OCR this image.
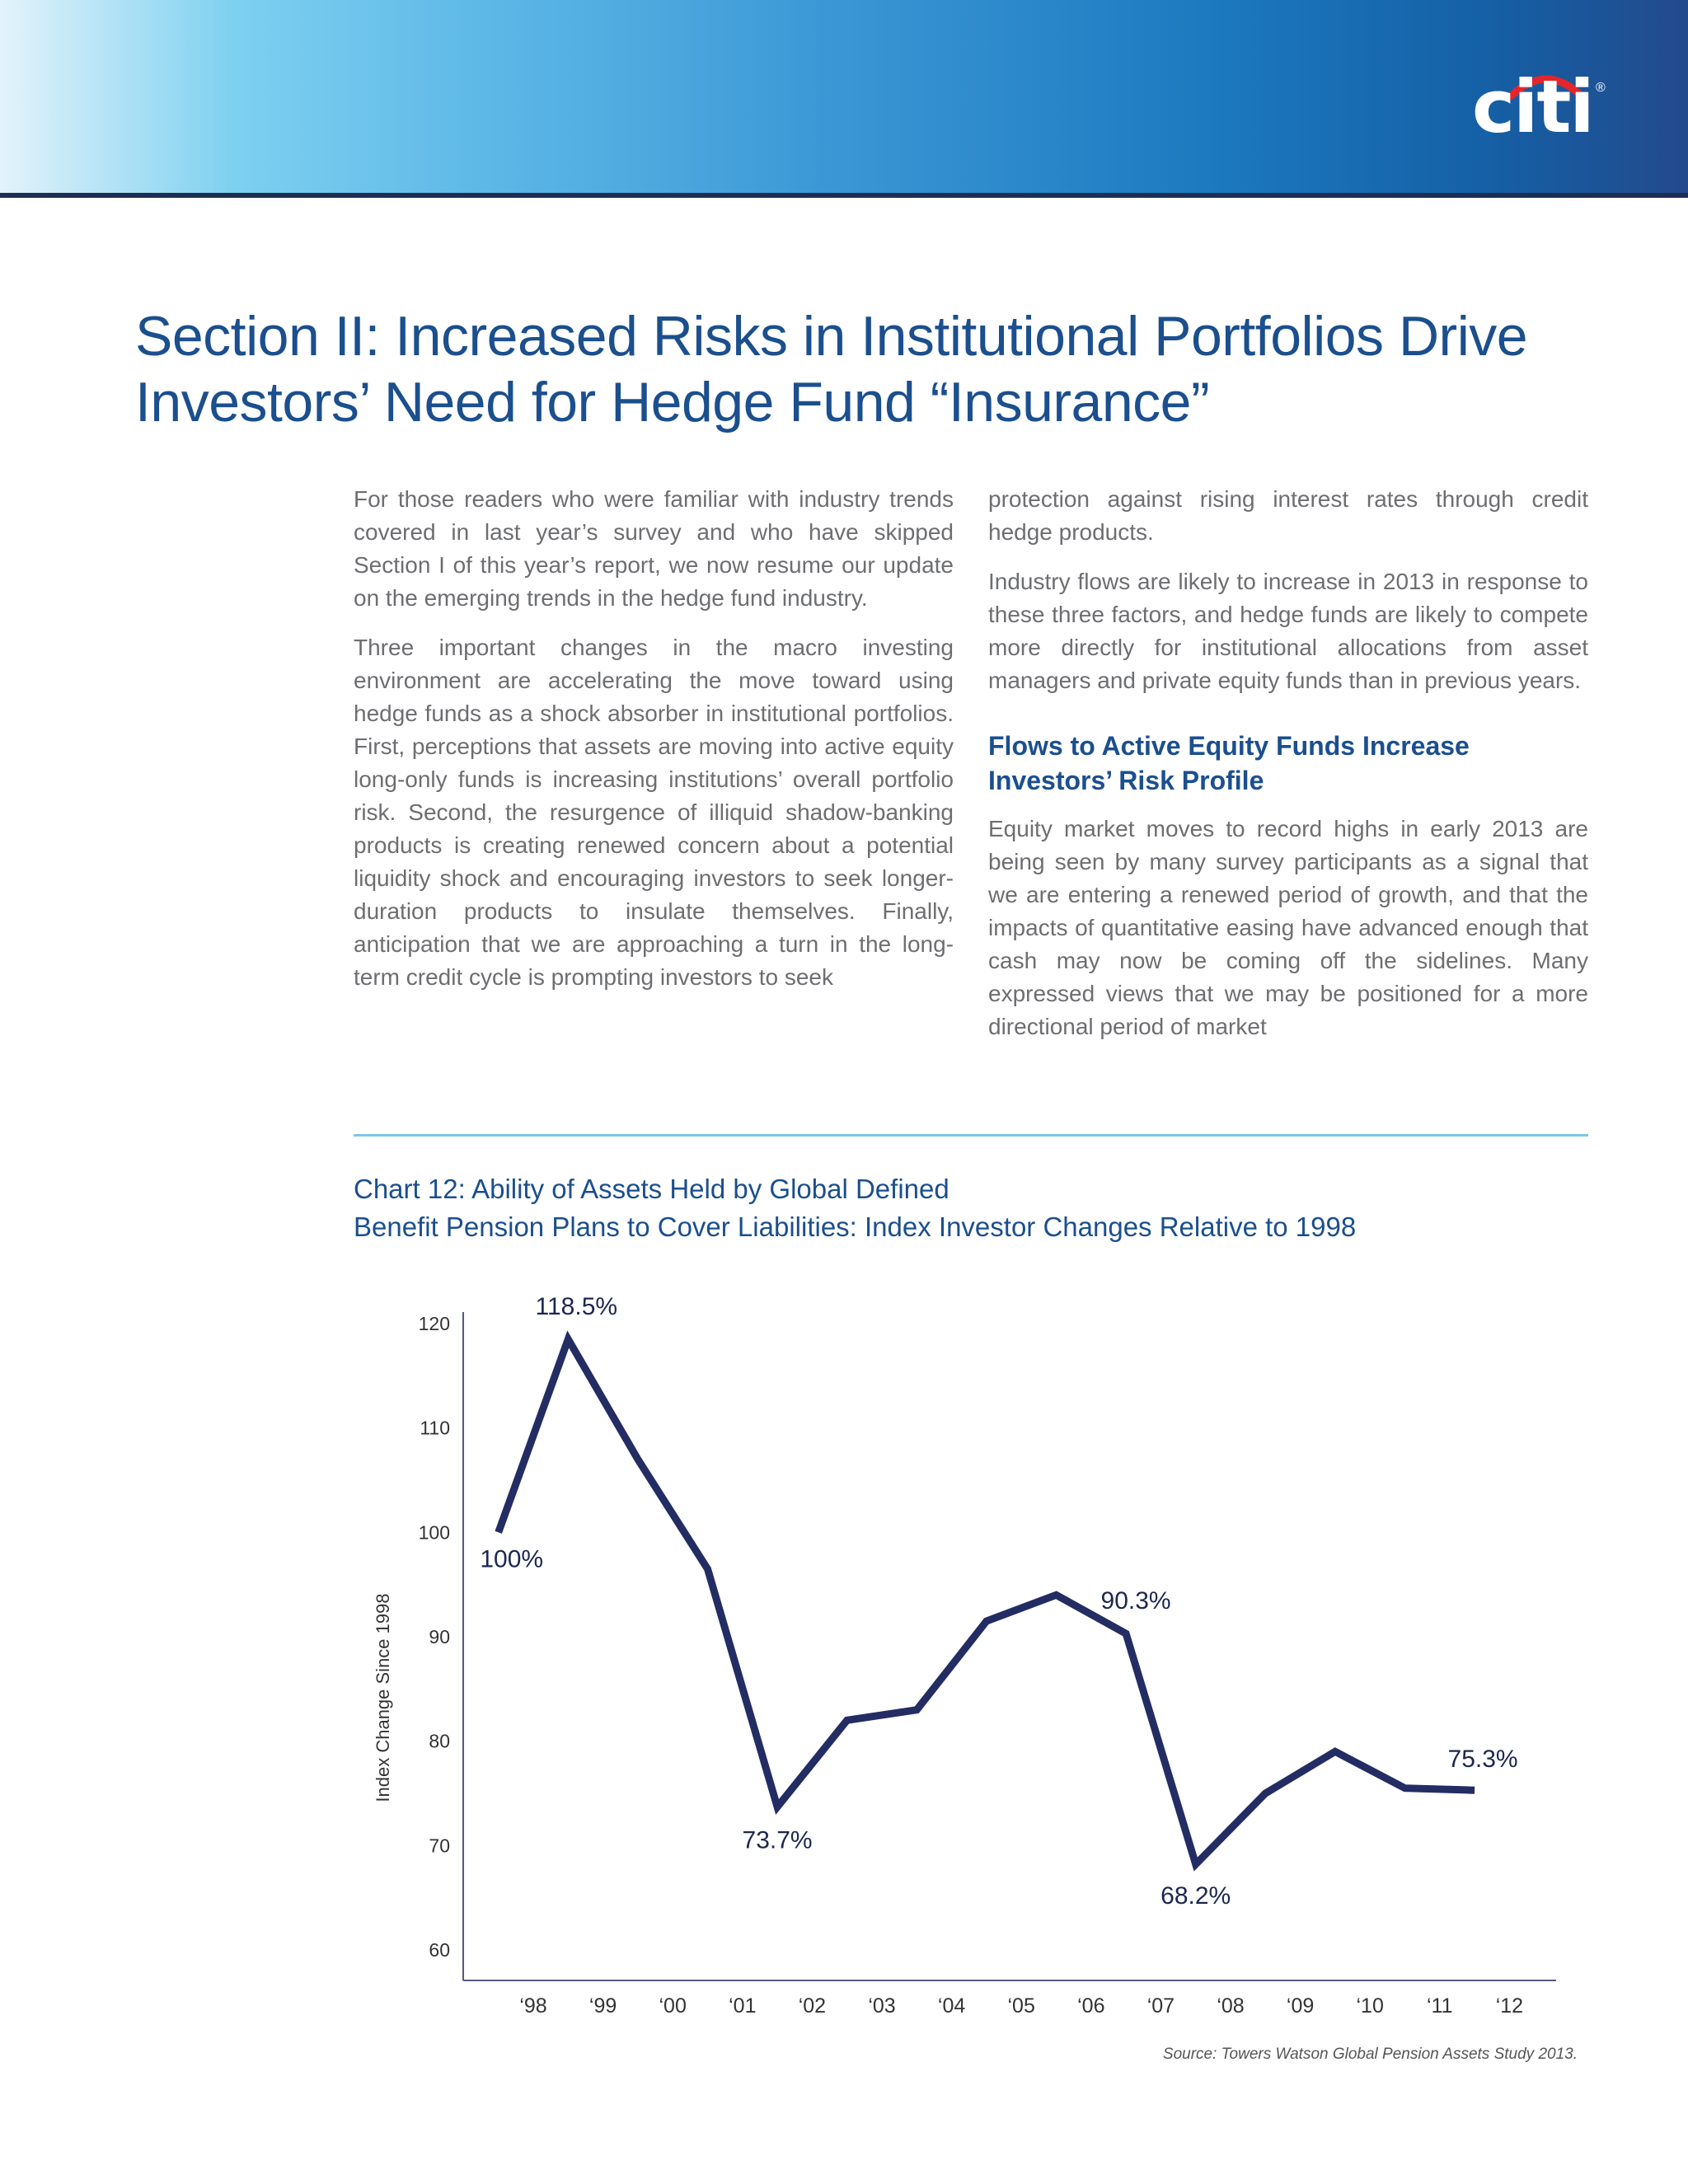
citi ®
Section II: Increased Risks in Institutional Portfolios Drive
Investors’ Need for Hedge Fund “Insurance”

For those readers who were familiar with industry trends covered in last year’s survey and who have skipped Section I of this year’s report, we now resume our update on the emerging trends in the hedge fund industry.

Three important changes in the macro investing environment are accelerating the move toward using hedge funds as a shock absorber in institutional portfolios. First, perceptions that assets are moving into active equity long-only funds is increasing institutions’ overall portfolio risk. Second, the resurgence of illiquid shadow-banking products is creating renewed concern about a potential liquidity shock and encouraging investors to seek longer-duration products to insulate themselves. Finally, anticipation that we are approaching a turn in the long-term credit cycle is prompting investors to seek

protection against rising interest rates through credit hedge products.

Industry flows are likely to increase in 2013 in response to these three factors, and hedge funds are likely to compete more directly for institutional allocations from asset managers and private equity funds than in previous years.

Flows to Active Equity Funds Increase Investors’ Risk Profile

Equity market moves to record highs in early 2013 are being seen by many survey participants as a signal that we are entering a renewed period of growth, and that the impacts of quantitative easing have advanced enough that cash may now be coming off the sidelines. Many expressed views that we may be positioned for a more directional period of market

Chart 12: Ability of Assets Held by Global Defined
Benefit Pension Plans to Cover Liabilities: Index Investor Changes Relative to 1998
60
70
80
90
100
110
120
Index Change Since 1998
‘98 ‘99 ‘00 ‘01 ‘02 ‘03 ‘04 ‘05 ‘06 ‘07 ‘08 ‘09 ‘10 ‘11 ‘12
100%
118.5%
73.7%
90.3%
68.2%
75.3%
Source: Towers Watson Global Pension Assets Study 2013.
